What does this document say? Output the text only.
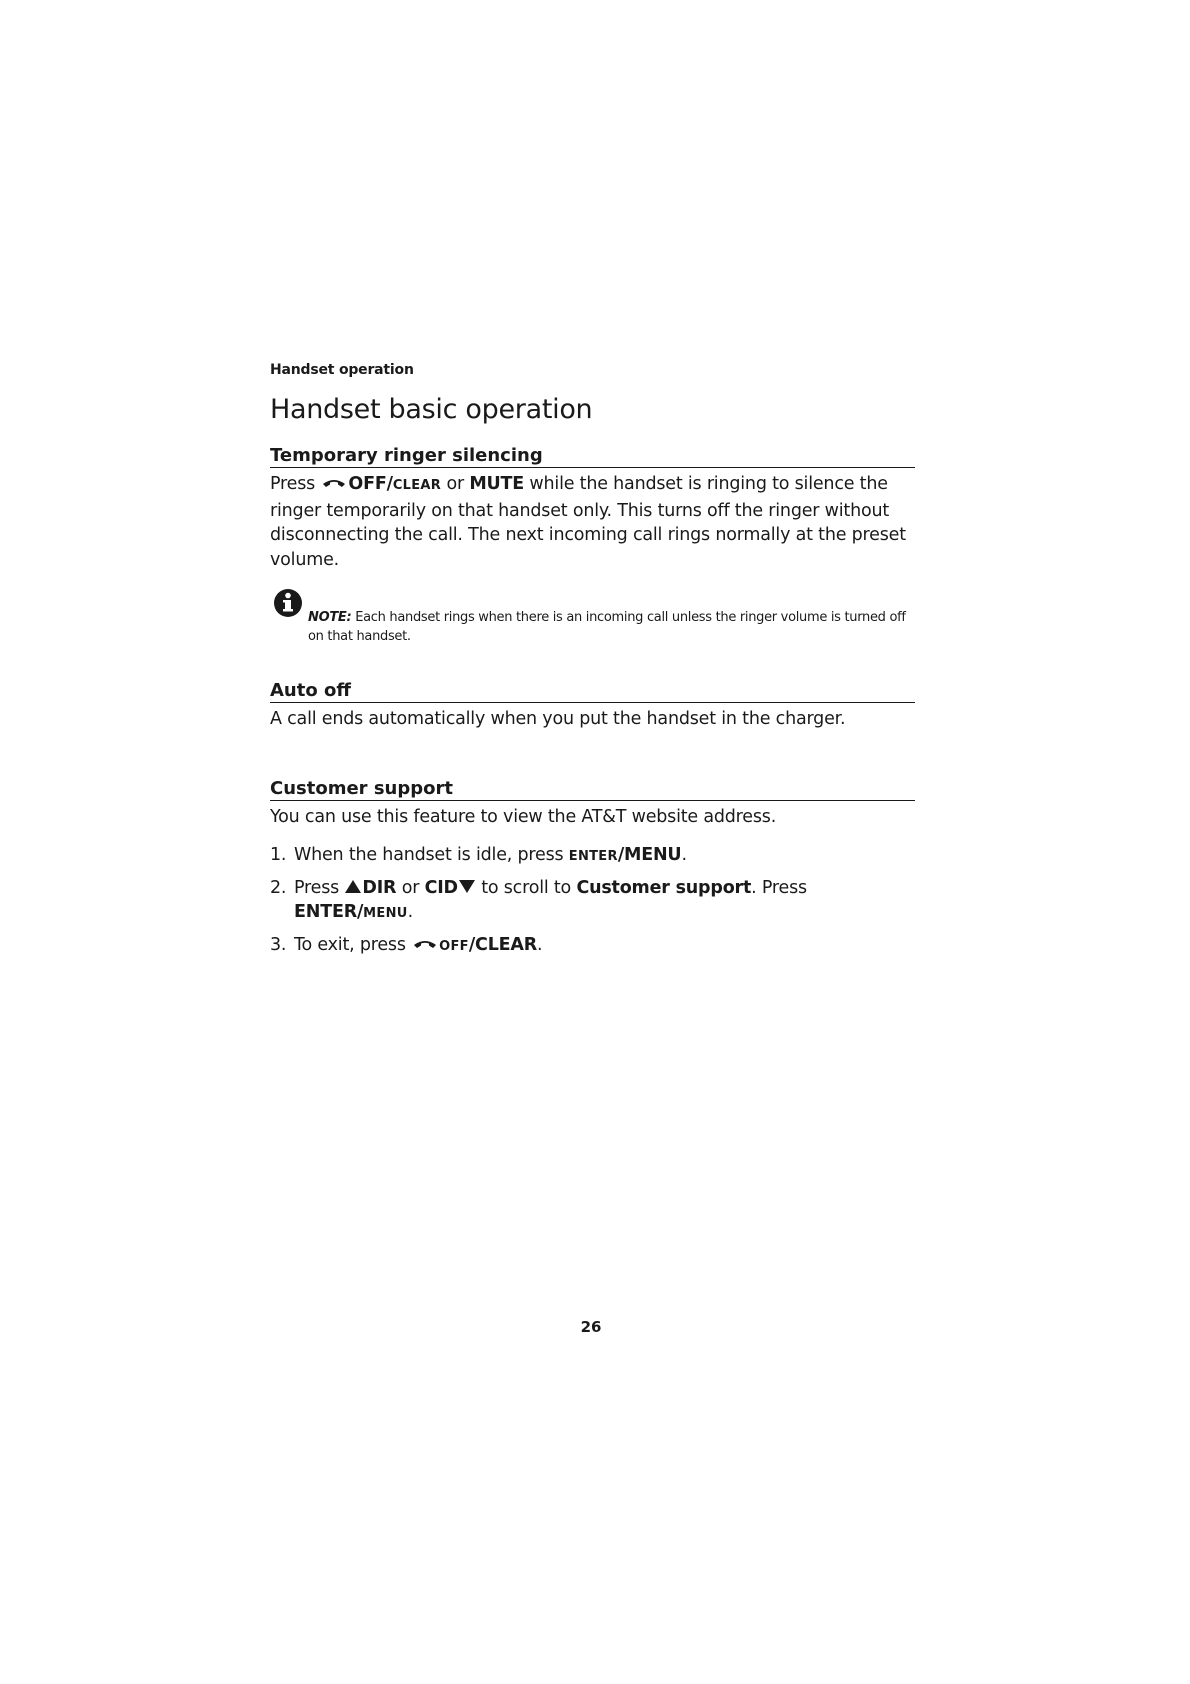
Handset operation

Handset basic operation
Temporary ringer silencing

Press OFF/CLEAR or MUTE while the handset is ringing to silence the ringer temporarily on that handset only. This turns off the ringer without disconnecting the call. The next incoming call rings normally at the preset volume.

NOTE: Each handset rings when there is an incoming call unless the ringer volume is turned off on that handset.

Auto off

A call ends automatically when you put the handset in the charger.

Customer support

You can use this feature to view the AT&T website address.

1. When the handset is idle, press ENTER/MENU.
2. Press DIR or CID to scroll to Customer support. Press ENTER/MENU.
3. To exit, press OFF/CLEAR.
26
